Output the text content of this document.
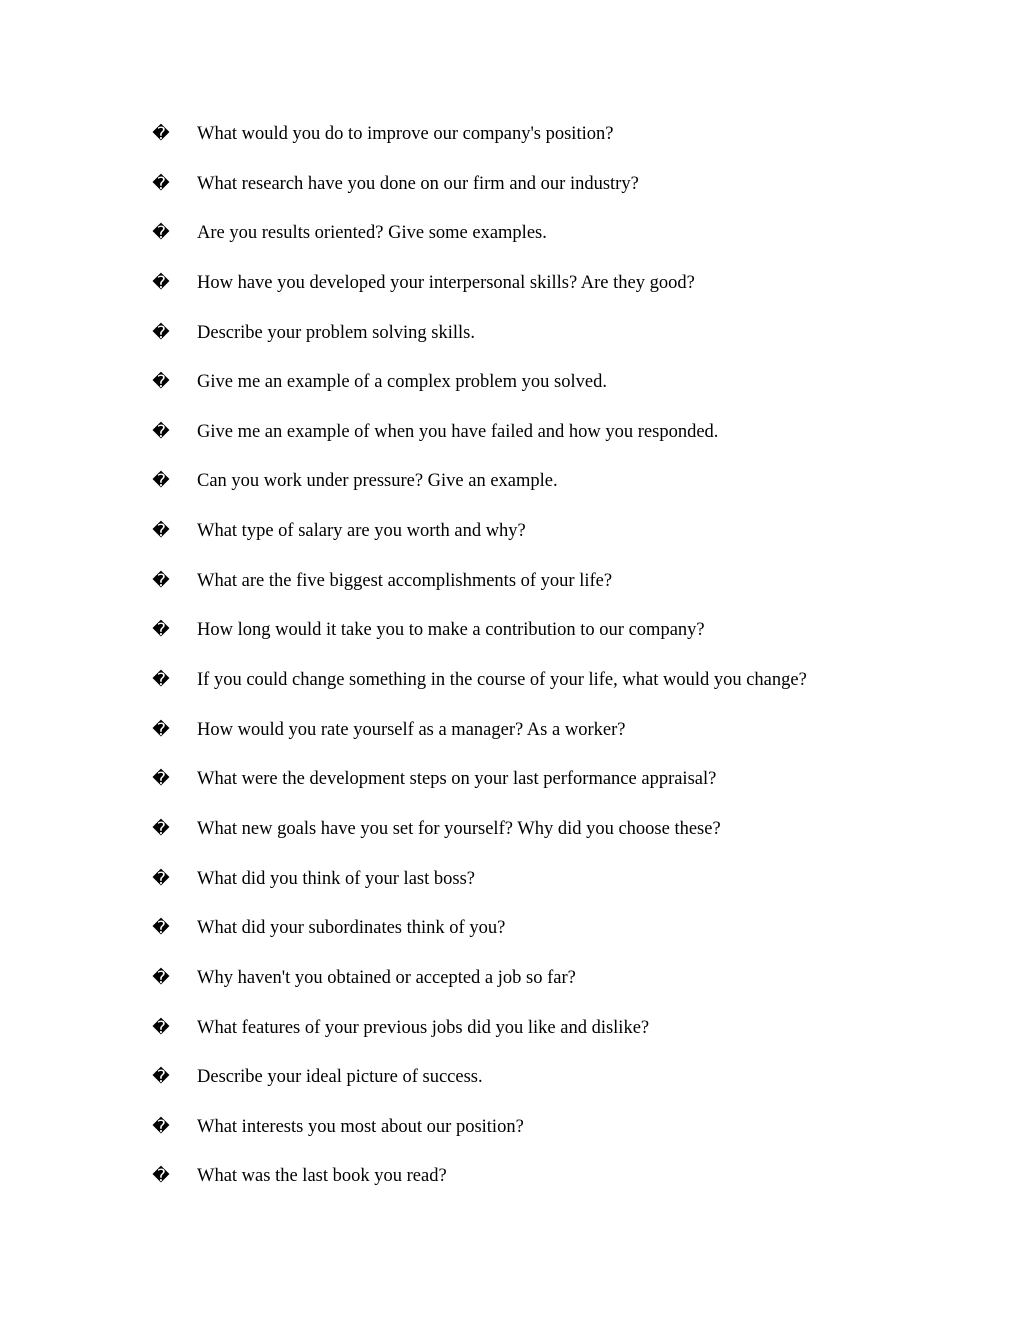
� What would you do to improve our company's position?
� What research have you done on our firm and our industry?
� Are you results oriented? Give some examples.
� How have you developed your interpersonal skills? Are they good?
� Describe your problem solving skills.
� Give me an example of a complex problem you solved.
� Give me an example of when you have failed and how you responded.
� Can you work under pressure? Give an example.
� What type of salary are you worth and why?
� What are the five biggest accomplishments of your life?
� How long would it take you to make a contribution to our company?
� If you could change something in the course of your life, what would you change?
� How would you rate yourself as a manager? As a worker?
� What were the development steps on your last performance appraisal?
� What new goals have you set for yourself? Why did you choose these?
� What did you think of your last boss?
� What did your subordinates think of you?
� Why haven't you obtained or accepted a job so far?
� What features of your previous jobs did you like and dislike?
� Describe your ideal picture of success.
� What interests you most about our position?
� What was the last book you read?
